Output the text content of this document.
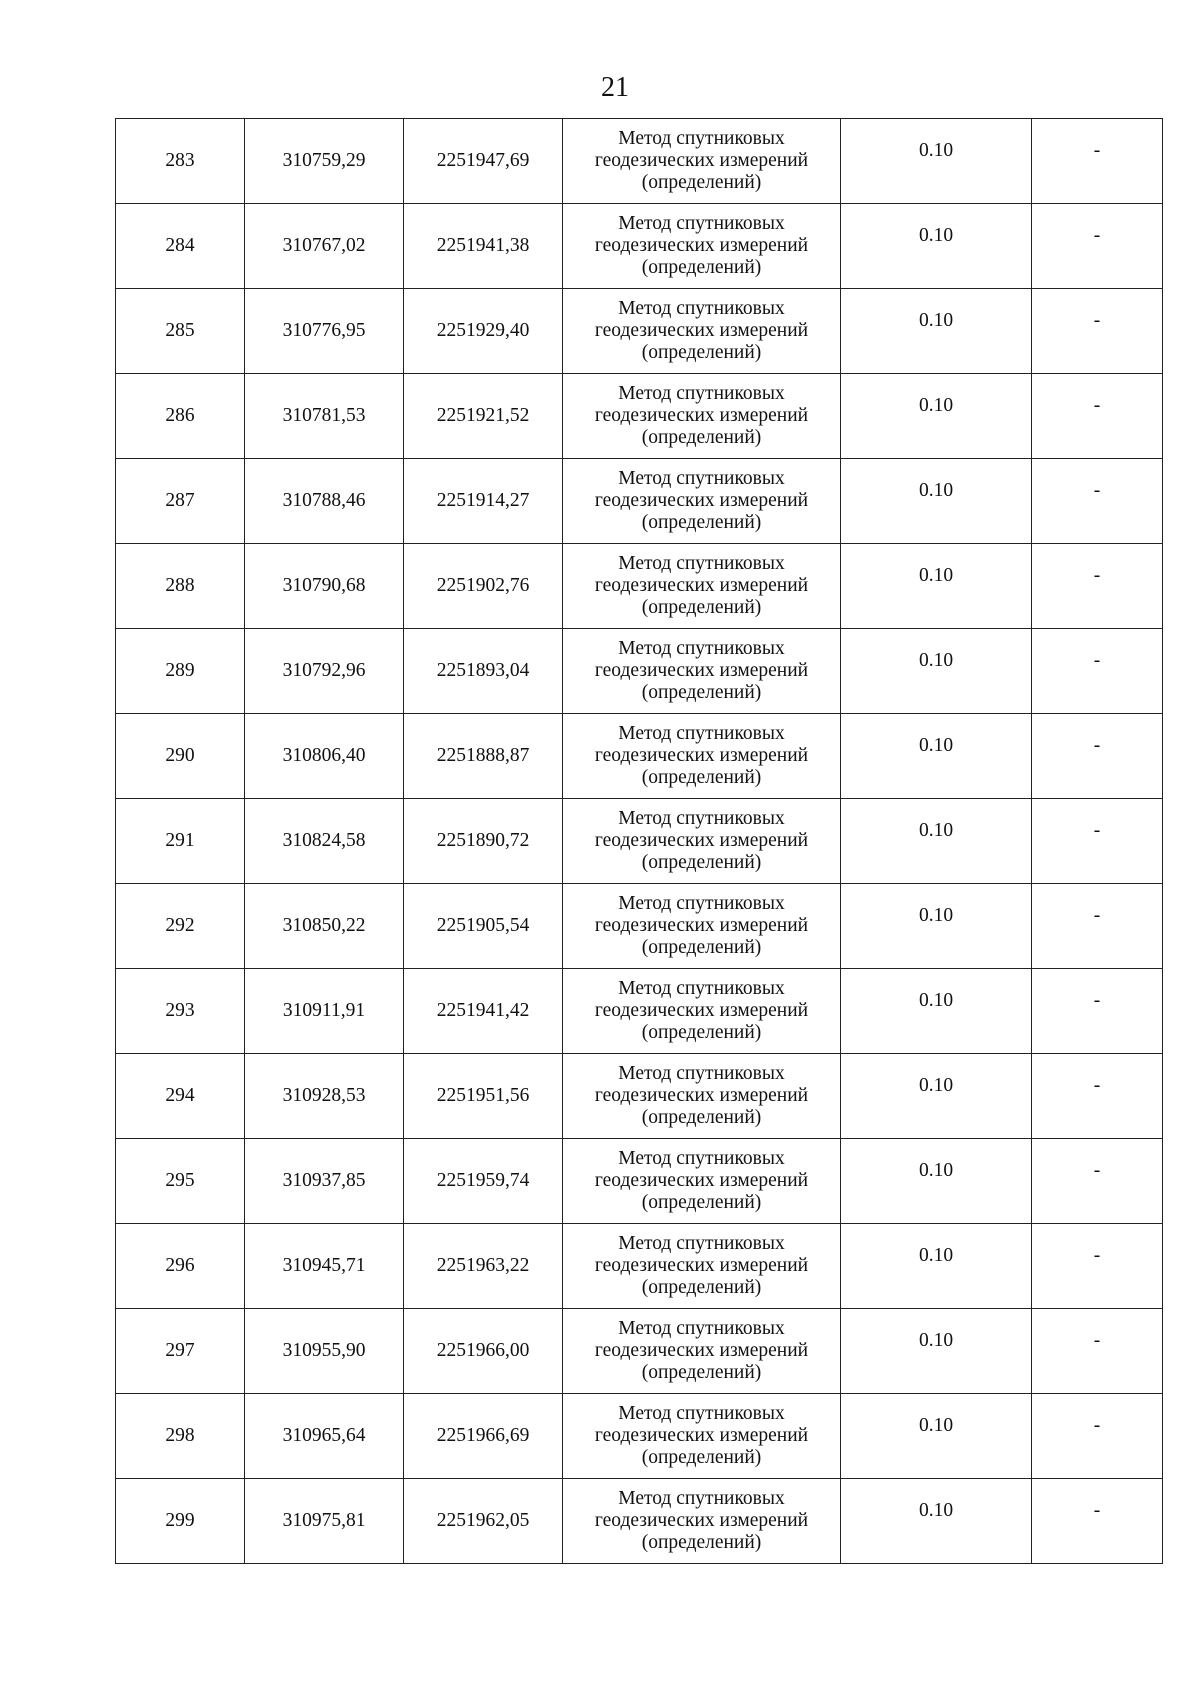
21
283	310759,29	2251947,69	Метод спутниковых
геодезических измерений
(определений)	0.10	-
284	310767,02	2251941,38	Метод спутниковых
геодезических измерений
(определений)	0.10	-
285	310776,95	2251929,40	Метод спутниковых
геодезических измерений
(определений)	0.10	-
286	310781,53	2251921,52	Метод спутниковых
геодезических измерений
(определений)	0.10	-
287	310788,46	2251914,27	Метод спутниковых
геодезических измерений
(определений)	0.10	-
288	310790,68	2251902,76	Метод спутниковых
геодезических измерений
(определений)	0.10	-
289	310792,96	2251893,04	Метод спутниковых
геодезических измерений
(определений)	0.10	-
290	310806,40	2251888,87	Метод спутниковых
геодезических измерений
(определений)	0.10	-
291	310824,58	2251890,72	Метод спутниковых
геодезических измерений
(определений)	0.10	-
292	310850,22	2251905,54	Метод спутниковых
геодезических измерений
(определений)	0.10	-
293	310911,91	2251941,42	Метод спутниковых
геодезических измерений
(определений)	0.10	-
294	310928,53	2251951,56	Метод спутниковых
геодезических измерений
(определений)	0.10	-
295	310937,85	2251959,74	Метод спутниковых
геодезических измерений
(определений)	0.10	-
296	310945,71	2251963,22	Метод спутниковых
геодезических измерений
(определений)	0.10	-
297	310955,90	2251966,00	Метод спутниковых
геодезических измерений
(определений)	0.10	-
298	310965,64	2251966,69	Метод спутниковых
геодезических измерений
(определений)	0.10	-
299	310975,81	2251962,05	Метод спутниковых
геодезических измерений
(определений)	0.10	-
